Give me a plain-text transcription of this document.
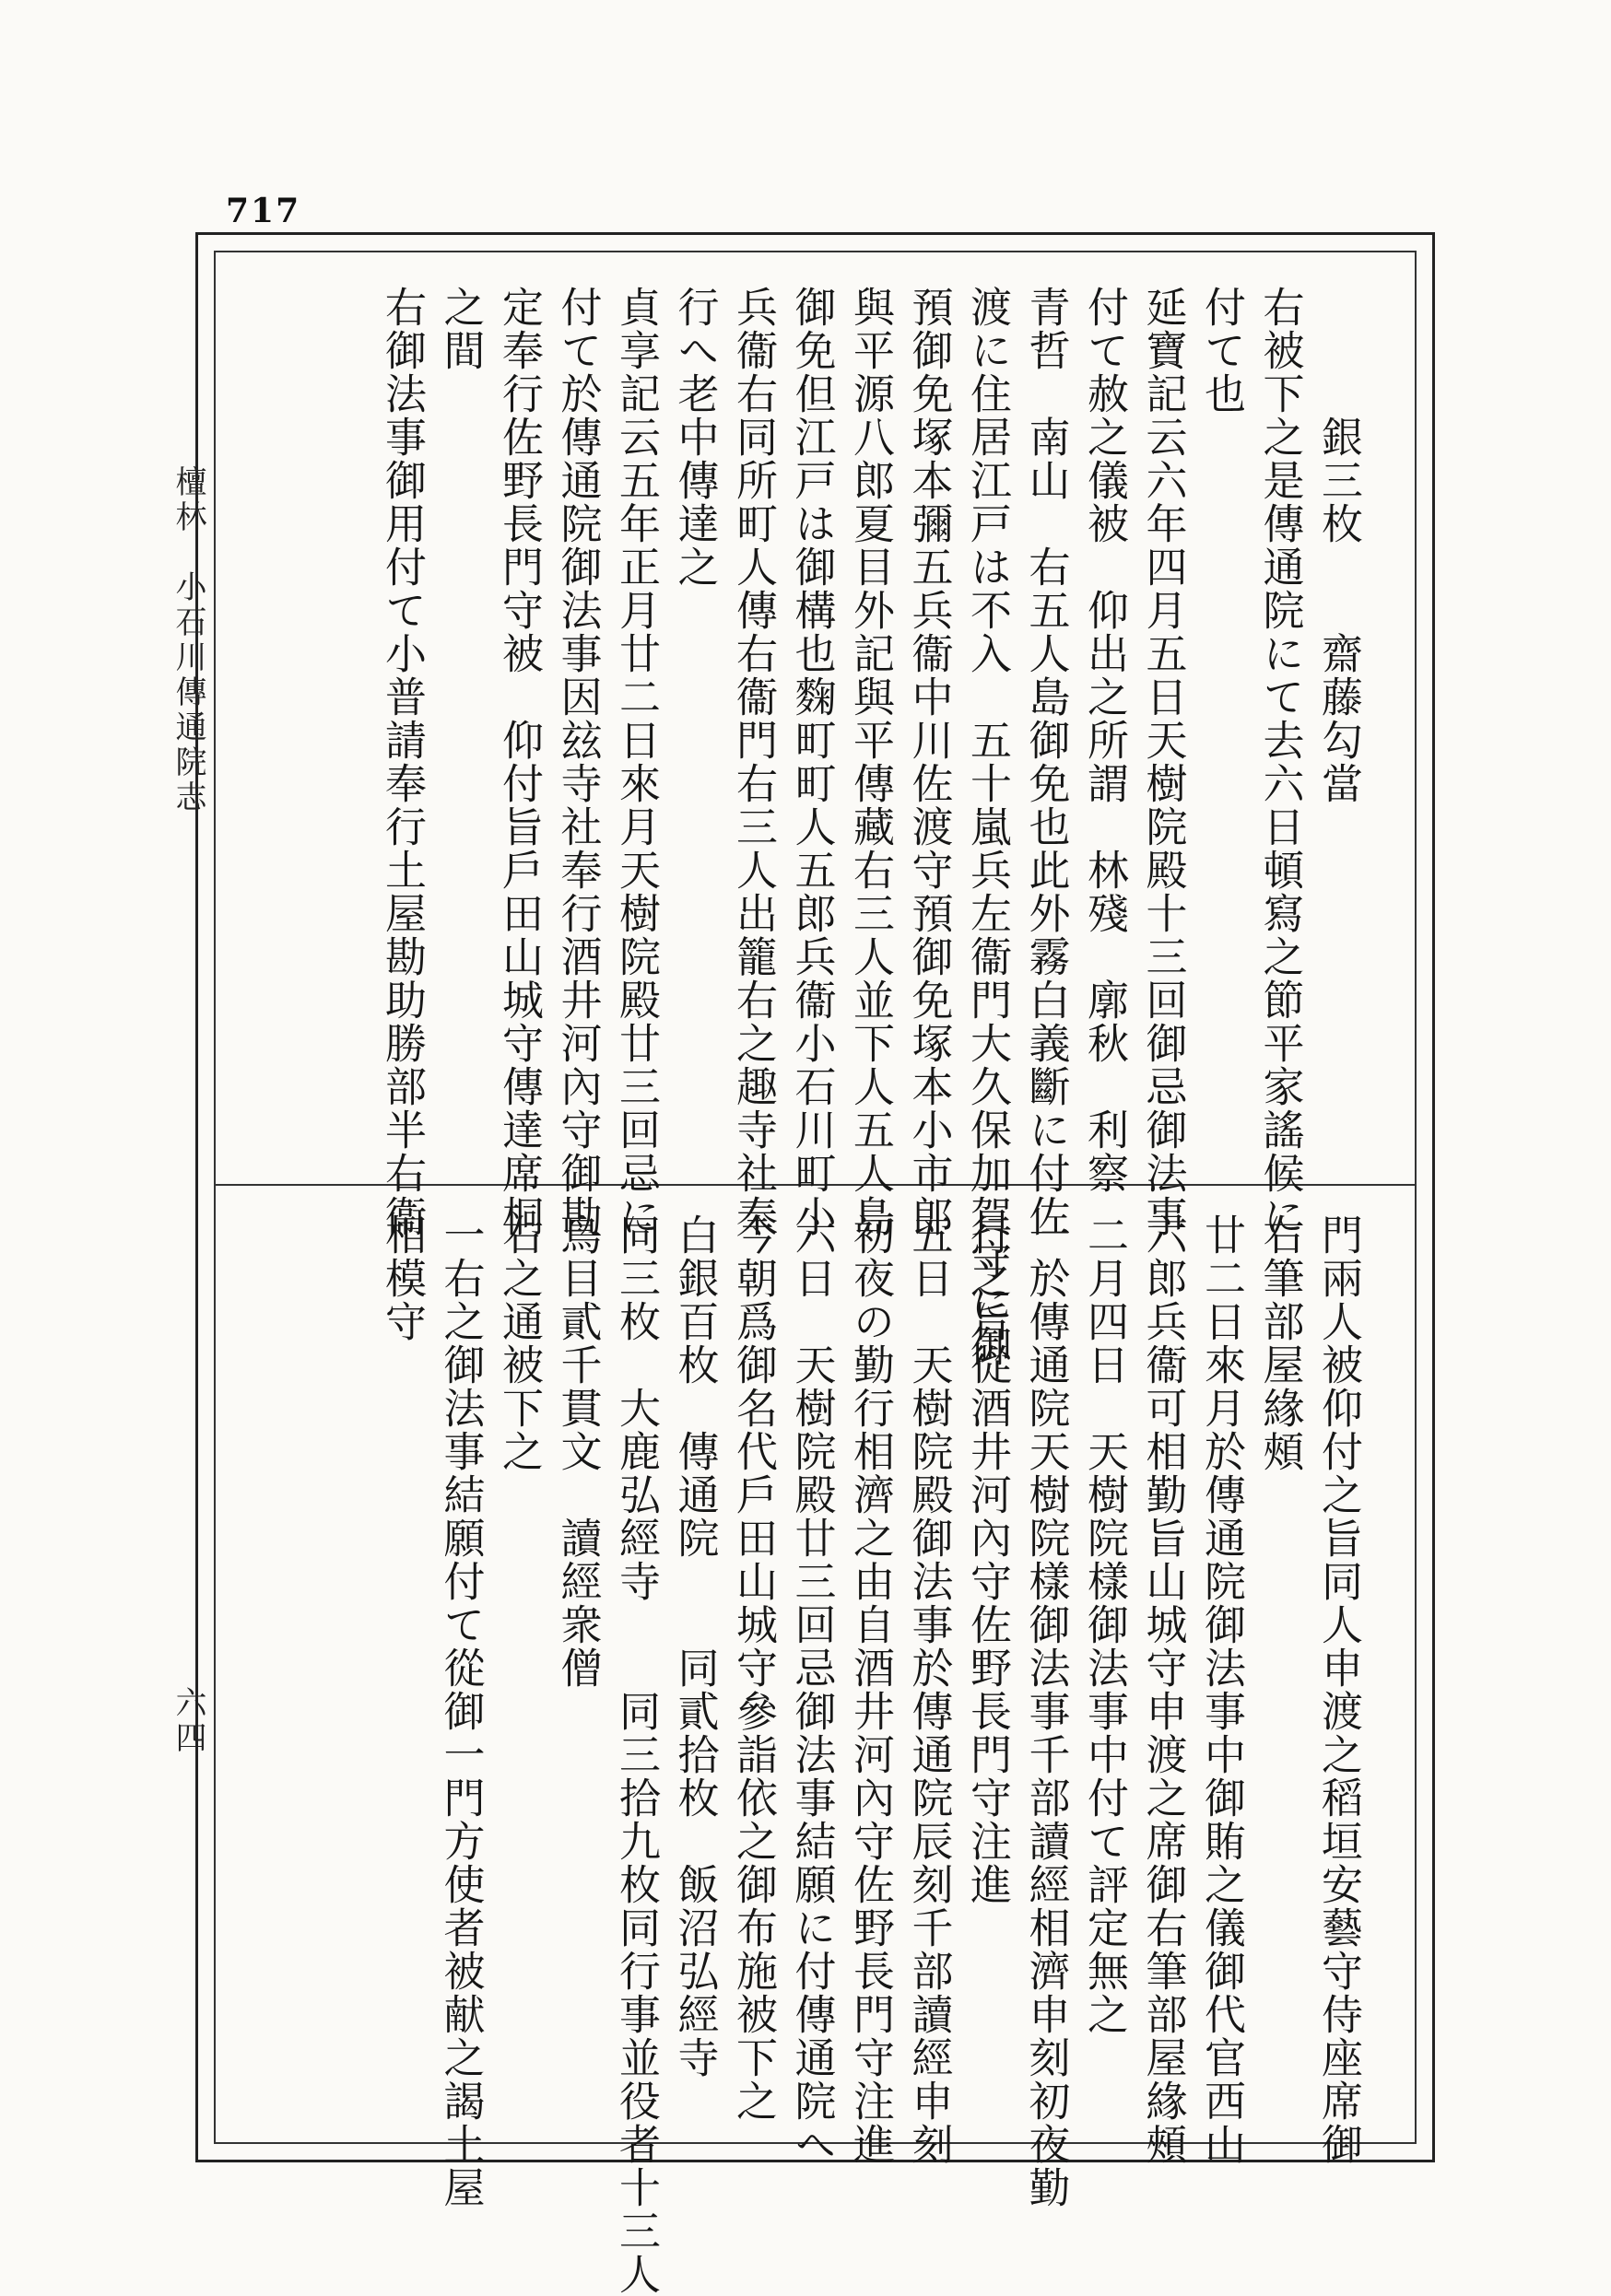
717
檀林　小石川傳通院志
六四
　　　銀三枚　　齋藤勾當
右被下之是傳通院にて去六日頓寫之節平家謠候に
付て也
延寶記云六年四月五日天樹院殿十三回御忌御法事
付て赦之儀被　仰出之所謂　林殘　廓秋　利察
青哲　南山　右五人島御免也此外霧白義斷に付佐
渡に住居江戸は不入　五十嵐兵左衞門大久保加賀守に御
預御免塚本彌五兵衞中川佐渡守預御免塚本小市郎
與平源八郎夏目外記與平傳藏右三人並下人五人島
御免但江戸は御構也麴町町人五郎兵衞小石川町小
兵衞右同所町人傳右衞門右三人出籠右之趣寺社奉
行へ老中傳達之
貞享記云五年正月廿二日來月天樹院殿廿三回忌に
付て於傳通院御法事因玆寺社奉行酒井河內守御勘
定奉行佐野長門守被　仰付旨戶田山城守傳達席桐
之間
右御法事御用付て小普請奉行土屋勘助勝部半右衞
門兩人被仰付之旨同人申渡之稻垣安藝守侍座席御
右筆部屋緣頰
廿二日來月於傳通院御法事中御賄之儀御代官西山
六郎兵衞可相勤旨山城守申渡之席御右筆部屋緣頰
二月四日　天樹院樣御法事中付て評定無之
一於傳通院天樹院樣御法事千部讀經相濟申刻初夜勤
行之旨從酒井河內守佐野長門守注進
五日　天樹院殿御法事於傳通院辰刻千部讀經申刻
初夜の勤行相濟之由自酒井河內守佐野長門守注進
六日　天樹院殿廿三回忌御法事結願に付傳通院へ
今朝爲御名代戶田山城守參詣依之御布施被下之
白銀百枚　傳通院　　同貳拾枚　飯沼弘經寺
同三枚　大鹿弘經寺　　同三拾九枚同行事並役者十三人
鳥目貳千貫文　讀經衆僧
右之通被下之
一右之御法事結願付て從御一門方使者被献之謁土屋
相模守
